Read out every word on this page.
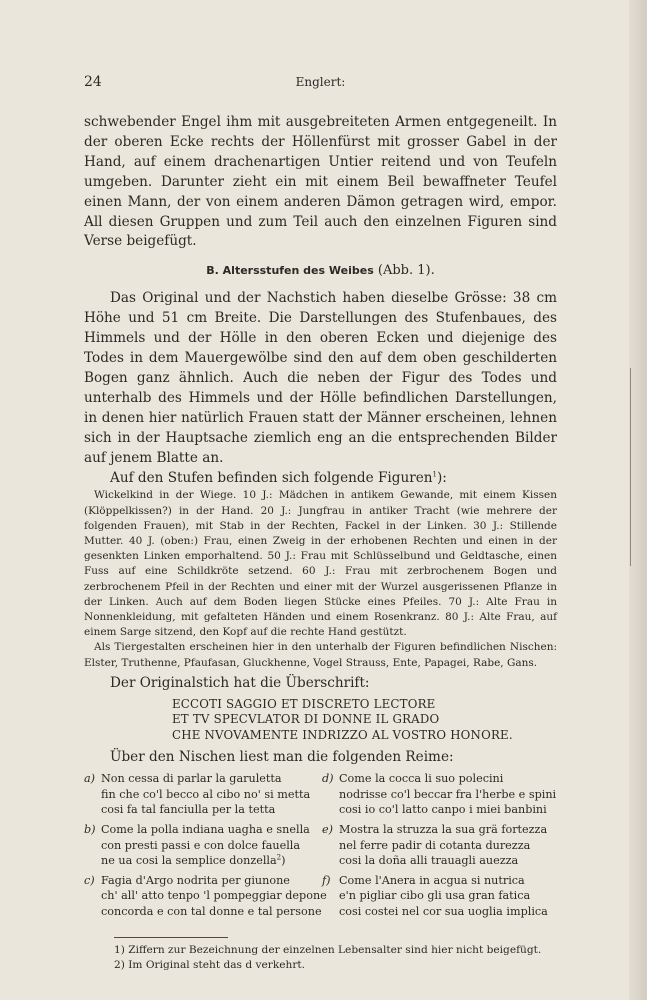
24	Englert:

schwebender Engel ihm mit ausgebreiteten Armen entgegeneilt. In der oberen Ecke rechts der Höllenfürst mit grosser Gabel in der Hand, auf einem drachenartigen Untier reitend und von Teufeln umgeben. Darunter zieht ein mit einem Beil bewaffneter Teufel einen Mann, der von einem anderen Dämon getragen wird, empor. All diesen Gruppen und zum Teil auch den einzelnen Figuren sind Verse beigefügt.

B. Altersstufen des Weibes (Abb. 1).

Das Original und der Nachstich haben dieselbe Grösse: 38 cm Höhe und 51 cm Breite. Die Darstellungen des Stufenbaues, des Himmels und der Hölle in den oberen Ecken und diejenige des Todes in dem Mauergewölbe sind den auf dem oben geschilderten Bogen ganz ähnlich. Auch die neben der Figur des Todes und unterhalb des Himmels und der Hölle befindlichen Darstellungen, in denen hier natürlich Frauen statt der Männer erscheinen, lehnen sich in der Hauptsache ziemlich eng an die entsprechenden Bilder auf jenem Blatte an.

Auf den Stufen befinden sich folgende Figuren$^1$):

Wickelkind in der Wiege. 10 J.: Mädchen in antikem Gewande, mit einem Kissen (Klöppelkissen?) in der Hand. 20 J.: Jungfrau in antiker Tracht (wie mehrere der folgenden Frauen), mit Stab in der Rechten, Fackel in der Linken. 30 J.: Stillende Mutter. 40 J. (oben:) Frau, einen Zweig in der erhobenen Rechten und einen in der gesenkten Linken emporhaltend. 50 J.: Frau mit Schlüsselbund und Geldtasche, einen Fuss auf eine Schildkröte setzend. 60 J.: Frau mit zerbrochenem Bogen und zerbrochenem Pfeil in der Rechten und einer mit der Wurzel ausgerissenen Pflanze in der Linken. Auch auf dem Boden liegen Stücke eines Pfeiles. 70 J.: Alte Frau in Nonnenkleidung, mit gefalteten Händen und einem Rosenkranz. 80 J.: Alte Frau, auf einem Sarge sitzend, den Kopf auf die rechte Hand gestützt.

Als Tiergestalten erscheinen hier in den unterhalb der Figuren befindlichen Nischen: Elster, Truthenne, Pfaufasan, Gluckhenne, Vogel Strauss, Ente, Papagei, Rabe, Gans.

Der Originalstich hat die Überschrift:

ECCOTI SAGGIO ET DISCRETO LECTORE
ET TV SPECVLATOR DI DONNE IL GRADO
CHE NVOVAMENTE INDRIZZO AL VOSTRO HONORE.

Über den Nischen liest man die folgenden Reime:

a) Non cessa di parlar la garuletta
fin che co'l becco al cibo no' si metta
cosi fa tal fanciulla per la tetta
b) Come la polla indiana uagha e snella
con presti passi e con dolce fauella
ne ua cosi la semplice donzella$^2$)
c) Fagia d'Argo nodrita per giunone
ch' all' atto tenpo 'l pompeggiar depone
concorda e con tal donne e tal persone
d) Come la cocca li suo polecini
nodrisse co'l beccar fra l'herbe e spini
cosi io co'l latto canpo i miei banbini
e) Mostra la struzza la sua grä fortezza
nel ferre padir di cotanta durezza
cosi la doña alli trauagli auezza
f) Come l'Anera in acgua si nutrica
e'n pigliar cibo gli usa gran fatica
cosi costei nel cor sua uoglia implica
1) Ziffern zur Bezeichnung der einzelnen Lebensalter sind hier nicht beigefügt.
2) Im Original steht das d verkehrt.
